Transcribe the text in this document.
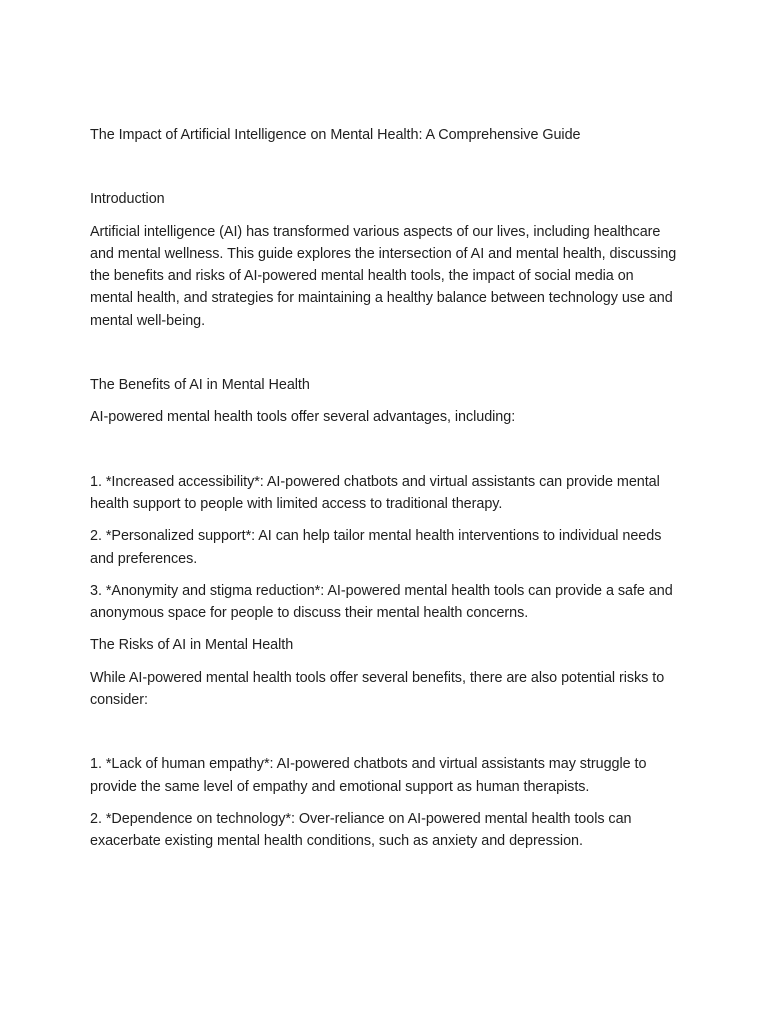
The Impact of Artificial Intelligence on Mental Health: A Comprehensive Guide

Introduction

Artificial intelligence (AI) has transformed various aspects of our lives, including healthcare and mental wellness. This guide explores the intersection of AI and mental health, discussing the benefits and risks of AI-powered mental health tools, the impact of social media on mental health, and strategies for maintaining a healthy balance between technology use and mental well-being.

The Benefits of AI in Mental Health

AI-powered mental health tools offer several advantages, including:

1. *Increased accessibility*: AI-powered chatbots and virtual assistants can provide mental health support to people with limited access to traditional therapy.

2. *Personalized support*: AI can help tailor mental health interventions to individual needs and preferences.

3. *Anonymity and stigma reduction*: AI-powered mental health tools can provide a safe and anonymous space for people to discuss their mental health concerns.

The Risks of AI in Mental Health

While AI-powered mental health tools offer several benefits, there are also potential risks to consider:

1. *Lack of human empathy*: AI-powered chatbots and virtual assistants may struggle to provide the same level of empathy and emotional support as human therapists.

2. *Dependence on technology*: Over-reliance on AI-powered mental health tools can exacerbate existing mental health conditions, such as anxiety and depression.
